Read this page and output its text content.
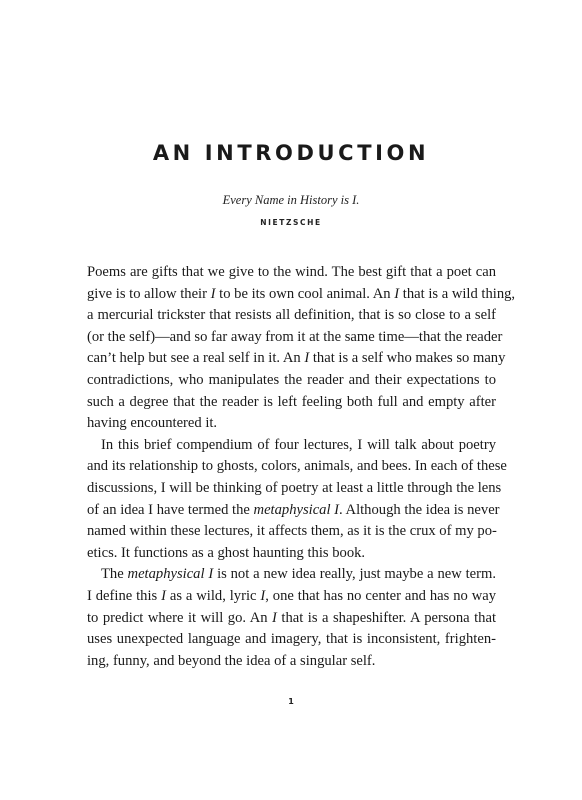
AN INTRODUCTION
Every Name in History is I.
NIETZSCHE
Poems are gifts that we give to the wind. The best gift that a poet can
give is to allow their I to be its own cool animal. An I that is a wild thing,
a mercurial trickster that resists all definition, that is so close to a self
(or the self)—and so far away from it at the same time—that the reader
can’t help but see a real self in it. An I that is a self who makes so many
contradictions, who manipulates the reader and their expectations to
such a degree that the reader is left feeling both full and empty after
having encountered it.
In this brief compendium of four lectures, I will talk about poetry
and its relationship to ghosts, colors, animals, and bees. In each of these
discussions, I will be thinking of poetry at least a little through the lens
of an idea I have termed the metaphysical I. Although the idea is never
named within these lectures, it affects them, as it is the crux of my po-
etics. It functions as a ghost haunting this book.
The metaphysical I is not a new idea really, just maybe a new term.
I define this I as a wild, lyric I, one that has no center and has no way
to predict where it will go. An I that is a shapeshifter. A persona that
uses unexpected language and imagery, that is inconsistent, frighten-
ing, funny, and beyond the idea of a singular self.
1
